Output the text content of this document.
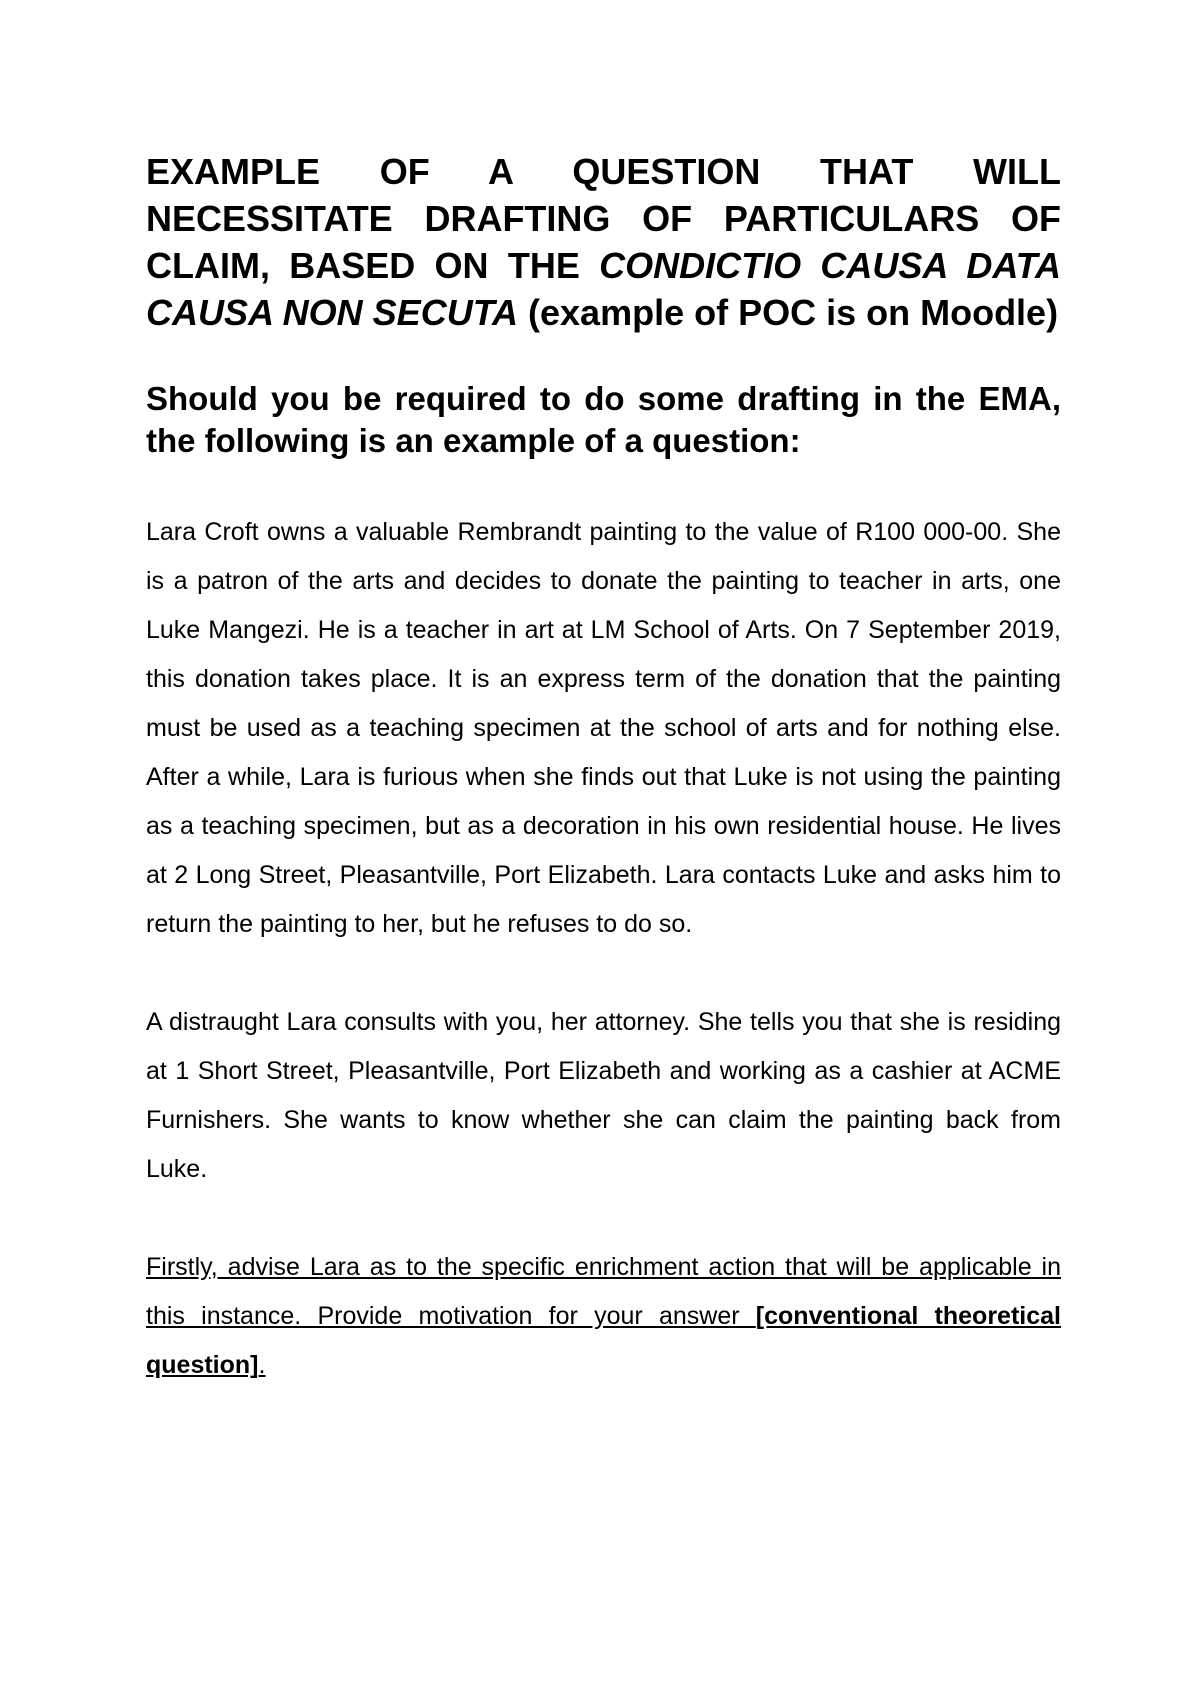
EXAMPLE OF A QUESTION THAT WILL NECESSITATE DRAFTING OF PARTICULARS OF CLAIM, BASED ON THE CONDICTIO CAUSA DATA CAUSA NON SECUTA (example of POC is on Moodle)

Should you be required to do some drafting in the EMA, the following is an example of a question:

Lara Croft owns a valuable Rembrandt painting to the value of R100 000-00. She is a patron of the arts and decides to donate the painting to teacher in arts, one Luke Mangezi. He is a teacher in art at LM School of Arts. On 7 September 2019, this donation takes place. It is an express term of the donation that the painting must be used as a teaching specimen at the school of arts and for nothing else. After a while, Lara is furious when she finds out that Luke is not using the painting as a teaching specimen, but as a decoration in his own residential house. He lives at 2 Long Street, Pleasantville, Port Elizabeth. Lara contacts Luke and asks him to return the painting to her, but he refuses to do so.

A distraught Lara consults with you, her attorney. She tells you that she is residing at 1 Short Street, Pleasantville, Port Elizabeth and working as a cashier at ACME Furnishers. She wants to know whether she can claim the painting back from Luke.

Firstly, advise Lara as to the specific enrichment action that will be applicable in this instance. Provide motivation for your answer [conventional theoretical question].
